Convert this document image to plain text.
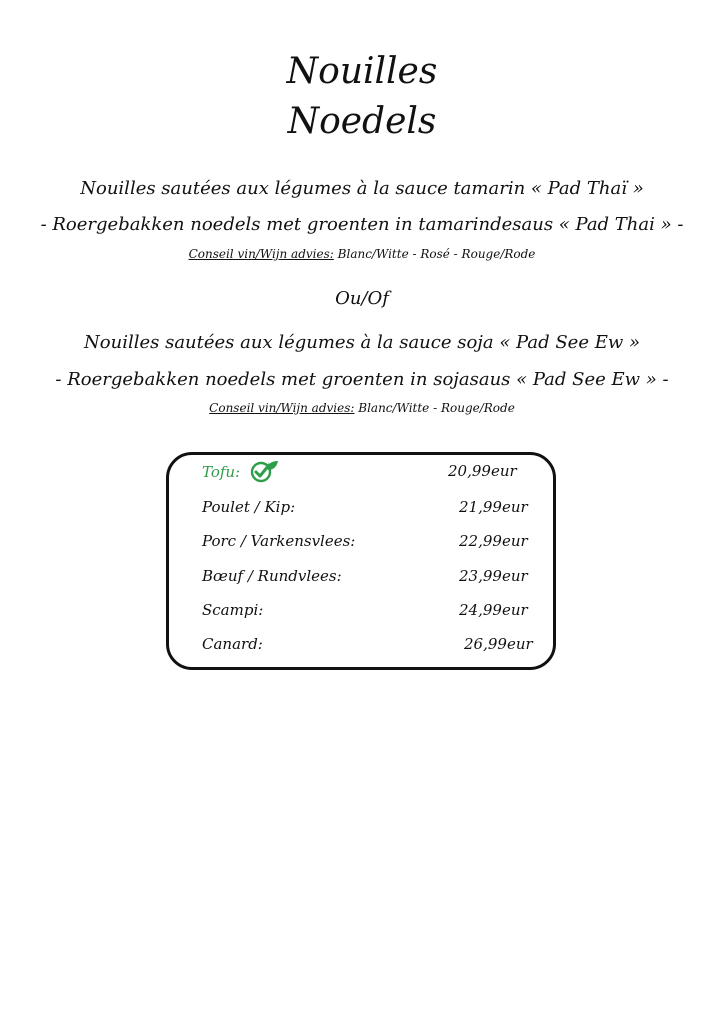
Nouilles
Noedels
Nouilles sautées aux légumes à la sauce tamarin « Pad Thaï »
- Roergebakken noedels met groenten in tamarindesaus « Pad Thai » -
Conseil vin/Wijn advies: Blanc/Witte - Rosé - Rouge/Rode
Ou/Of
Nouilles sautées aux légumes à la sauce soja « Pad See Ew »
- Roergebakken noedels met groenten in sojasaus « Pad See Ew » -
Conseil vin/Wijn advies: Blanc/Witte - Rouge/Rode
Tofu:	20,99eur
Poulet / Kip:	21,99eur
Porc / Varkensvlees:	22,99eur
Bœuf / Rundvlees:	23,99eur
Scampi:	24,99eur
Canard:	26,99eur
